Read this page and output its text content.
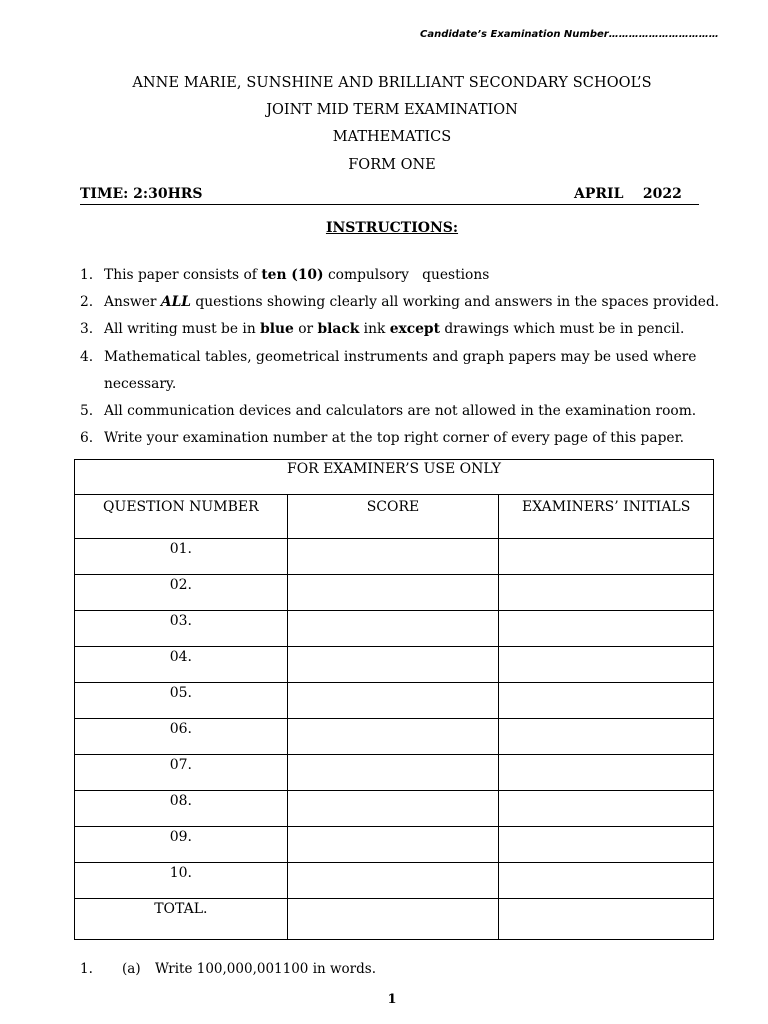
Candidate’s Examination Number……………………………
ANNE MARIE, SUNSHINE AND BRILLIANT SECONDARY SCHOOL’S
JOINT MID TERM EXAMINATION
MATHEMATICS
FORM ONE
TIME: 2:30HRS	APRIL    2022
INSTRUCTIONS:
1. This paper consists of ten (10) compulsory   questions
2. Answer ALL questions showing clearly all working and answers in the spaces provided.
3. All writing must be in blue or black ink except drawings which must be in pencil.
4. Mathematical tables, geometrical instruments and graph papers may be used where
necessary.
5. All communication devices and calculators are not allowed in the examination room.
6. Write your examination number at the top right corner of every page of this paper.
FOR EXAMINER’S USE ONLY		
QUESTION NUMBER	SCORE	EXAMINERS’ INITIALS
01.		
02.		
03.		
04.		
05.		
06.		
07.		
08.		
09.		
10.		
TOTAL.		
1. (a) Write 100,000,001100 in words.
1
